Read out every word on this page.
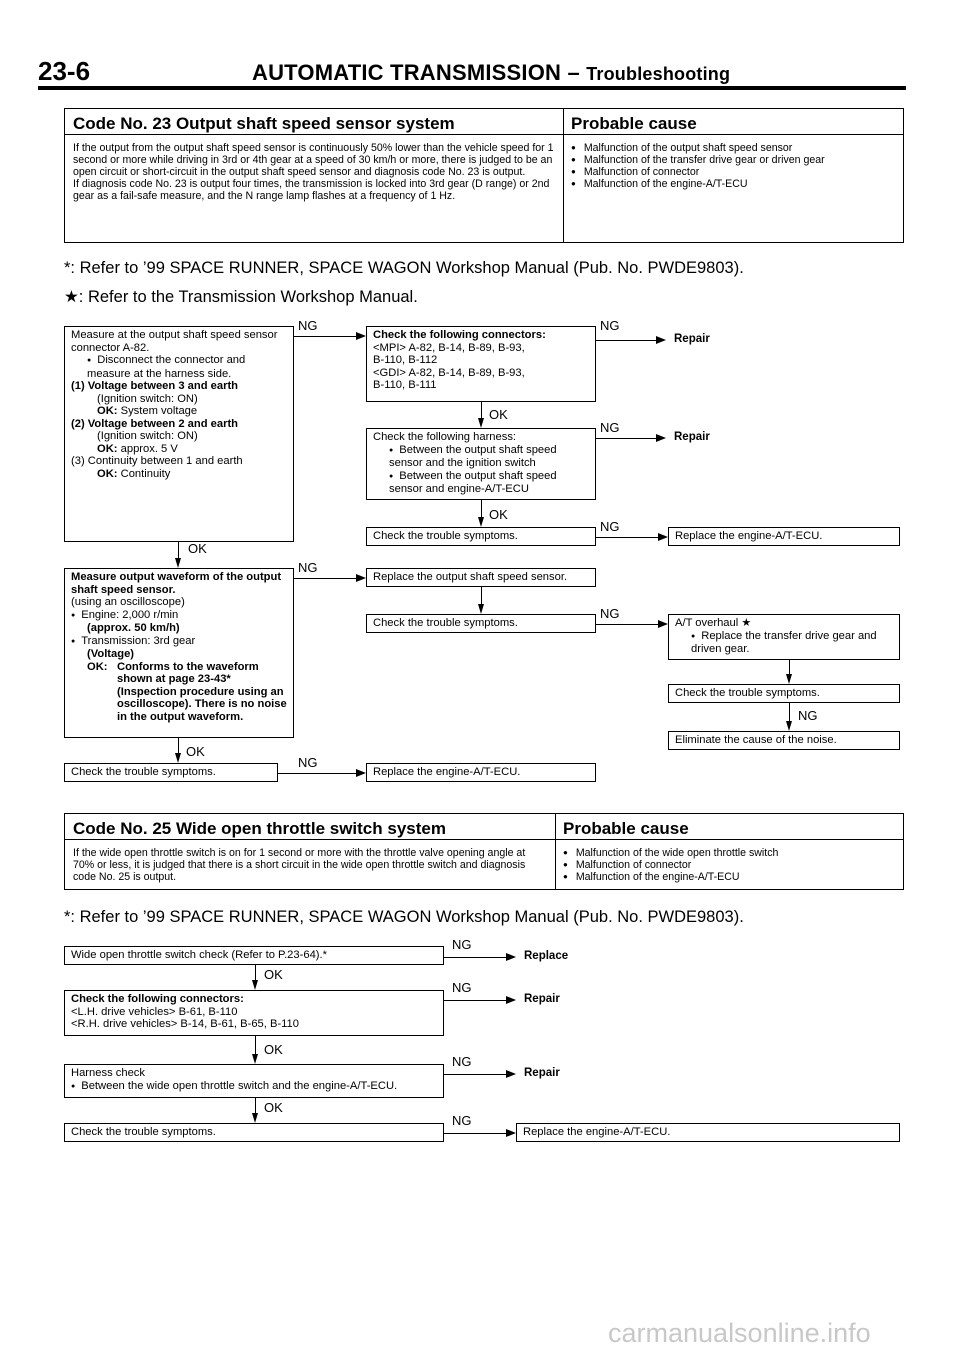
23-6	AUTOMATIC TRANSMISSION – Troubleshooting
Code No. 23 Output shaft speed sensor system	Probable cause

If the output from the output shaft speed sensor is continuously 50% lower than the vehicle speed for 1 second or more while driving in 3rd or 4th gear at a speed of 30 km/h or more, there is judged to be an open circuit or short-circuit in the output shaft speed sensor and diagnosis code No. 23 is output.

If diagnosis code No. 23 is output four times, the transmission is locked into 3rd gear (D range) or 2nd gear as a fail-safe measure, and the N range lamp flashes at a frequency of 1 Hz.

● Malfunction of the output shaft speed sensor
● Malfunction of the transfer drive gear or driven gear
● Malfunction of connector
● Malfunction of the engine-A/T-ECU
*: Refer to ’99 SPACE RUNNER, SPACE WAGON Workshop Manual (Pub. No. PWDE9803).
★: Refer to the Transmission Workshop Manual.

Measure at the output shaft speed sensor connector A-82.

● Disconnect the connector and measure at the harness side.

(1) Voltage between 3 and earth

(Ignition switch: ON)

OK: System voltage

(2) Voltage between 2 and earth

(Ignition switch: ON)

OK: approx. 5 V

(3) Continuity between 1 and earth

OK: Continuity

Check the following connectors:

<MPI> A-82, B-14, B-89, B-93,

B-110, B-112

<GDI> A-82, B-14, B-89, B-93,

B-110, B-111

Check the following harness:

● Between the output shaft speed sensor and the ignition switch

● Between the output shaft speed sensor and engine-A/T-ECU

Check the trouble symptoms.	Replace the engine-A/T-ECU.

Measure output waveform of the output shaft speed sensor.

(using an oscilloscope)

● Engine: 2,000 r/min

(approx. 50 km/h)

● Transmission: 3rd gear

(Voltage)

OK: Conforms to the waveform shown at page 23-43* (Inspection procedure using an oscilloscope). There is no noise in the output waveform.
Replace the output shaft speed sensor.
Check the trouble symptoms.	A/T overhaul ★

● Replace the transfer drive gear and driven gear.

Check the trouble symptoms.
Eliminate the cause of the noise.
Check the trouble symptoms.	Replace the engine-A/T-ECU.
NG	NG
Repair
NG
Repair
NG
NG
NG
NG
OK
OK
OK
NG
OK
Code No. 25 Wide open throttle switch system	Probable cause
If the wide open throttle switch is on for 1 second or more with the throttle valve opening angle at 70% or less, it is judged that there is a short circuit in the wide open throttle switch and diagnosis code No. 25 is output.
● Malfunction of the wide open throttle switch
● Malfunction of connector
● Malfunction of the engine-A/T-ECU
*: Refer to ’99 SPACE RUNNER, SPACE WAGON Workshop Manual (Pub. No. PWDE9803).
Wide open throttle switch check (Refer to P.23-64).*

Check the following connectors:

<L.H. drive vehicles> B-61, B-110

<R.H. drive vehicles> B-14, B-61, B-65, B-110

Harness check

● Between the wide open throttle switch and the engine-A/T-ECU.

Check the trouble symptoms.	Replace the engine-A/T-ECU.
NG
Replace
NG
Repair
NG
Repair
NG
OK
OK
OK
carmanualsonline.info
